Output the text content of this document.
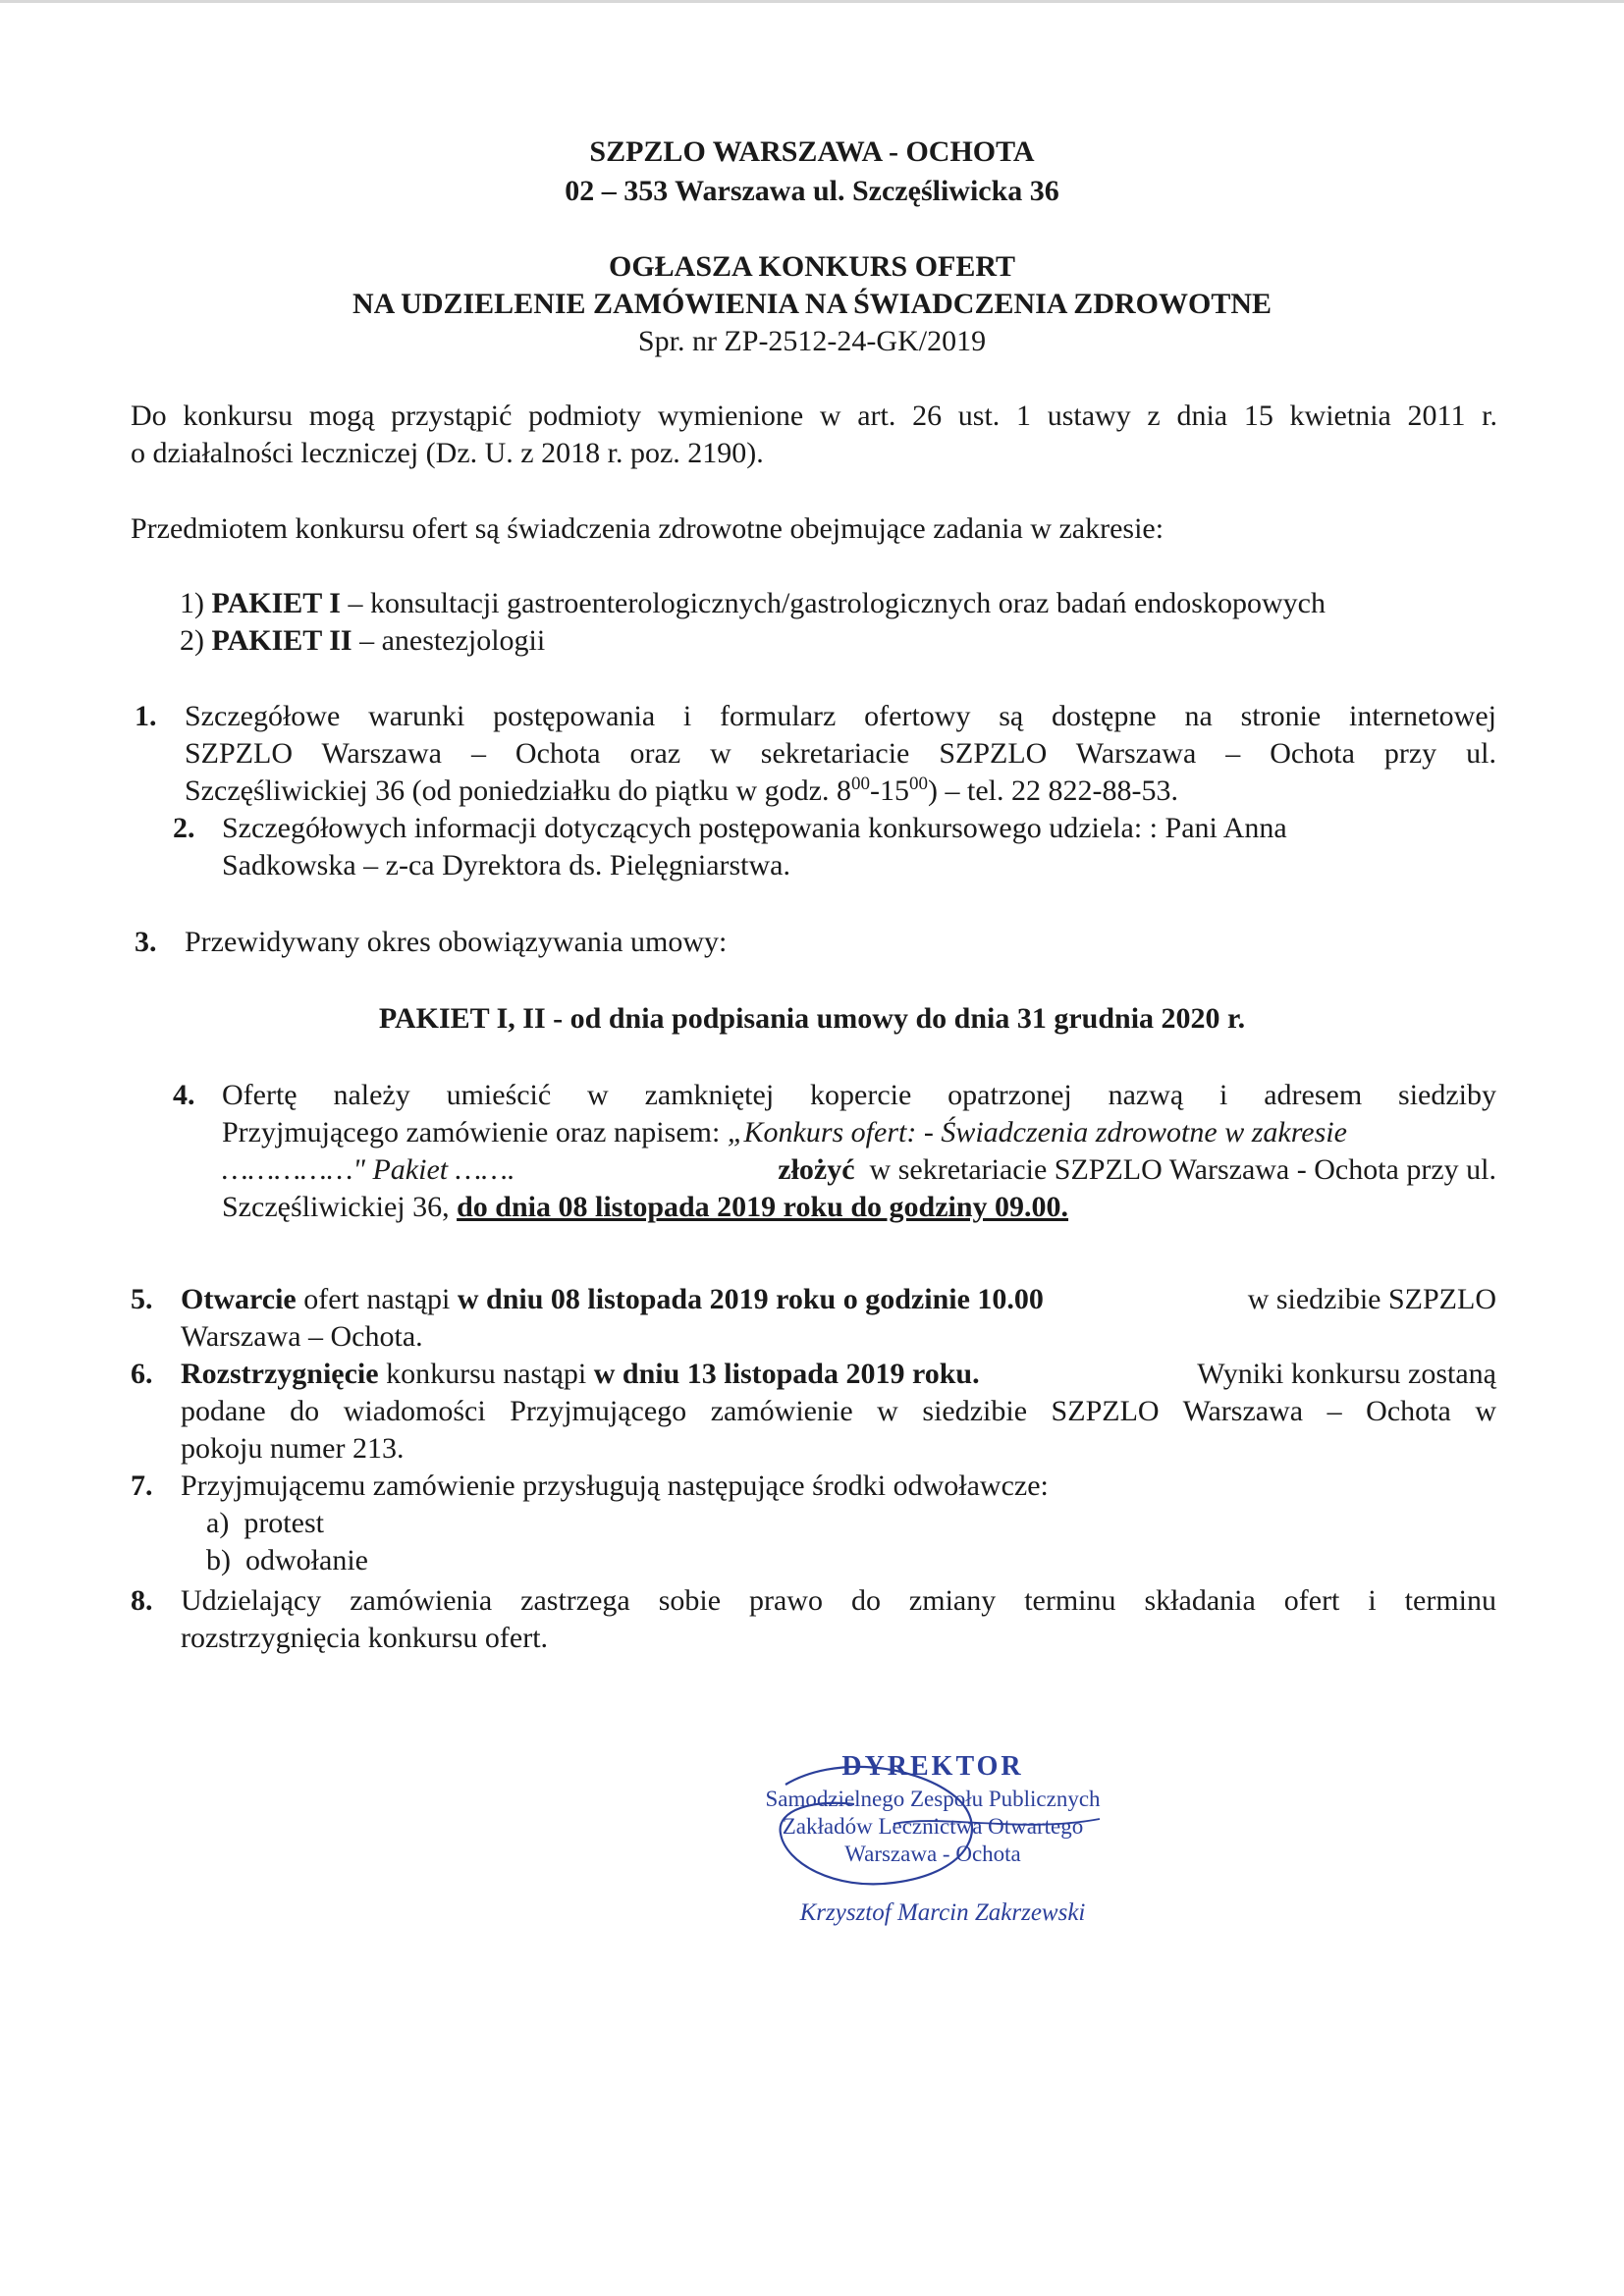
SZPZLO WARSZAWA - OCHOTA
02 – 353 Warszawa ul. Szczęśliwicka 36
OGŁASZA KONKURS OFERT
NA UDZIELENIE ZAMÓWIENIA NA ŚWIADCZENIA ZDROWOTNE
Spr. nr ZP-2512-24-GK/2019
Do konkursu mogą przystąpić podmioty wymienione w art. 26 ust. 1 ustawy z dnia 15 kwietnia 2011 r.
o działalności leczniczej (Dz. U. z 2018 r. poz. 2190).
Przedmiotem konkursu ofert są świadczenia zdrowotne obejmujące zadania w zakresie:
1) PAKIET I – konsultacji gastroenterologicznych/gastrologicznych oraz badań endoskopowych
2) PAKIET II – anestezjologii
1. Szczegółowe warunki postępowania i formularz ofertowy są dostępne na stronie internetowej
SZPZLO Warszawa – Ochota oraz w sekretariacie SZPZLO Warszawa – Ochota przy ul.
Szczęśliwickiej 36 (od poniedziałku do piątku w godz. $8^{00}-15^{00}$) – tel. 22 822-88-53.
2. Szczegółowych informacji dotyczących postępowania konkursowego udziela: : Pani Anna
Sadkowska – z-ca Dyrektora ds. Pielęgniarstwa.
3. Przewidywany okres obowiązywania umowy:
PAKIET I, II - od dnia podpisania umowy do dnia 31 grudnia 2020 r.
4. Ofertę należy umieścić w zamkniętej kopercie opatrzonej nazwą i adresem siedziby
Przyjmującego zamówienie oraz napisem: „Konkurs ofert: - Świadczenia zdrowotne w zakresie
……………" Pakiet …….	złożyć w sekretariacie SZPZLO Warszawa - Ochota przy ul.
Szczęśliwickiej 36, do dnia 08 listopada 2019 roku do godziny 09.00.
5. Otwarcie ofert nastąpi w dniu 08 listopada 2019 roku o godzinie 10.00	w siedzibie SZPZLO
Warszawa – Ochota.
6. Rozstrzygnięcie konkursu nastąpi w dniu 13 listopada 2019 roku.	Wyniki konkursu zostaną
podane do wiadomości Przyjmującego zamówienie w siedzibie SZPZLO Warszawa – Ochota w
pokoju numer 213.
7. Przyjmującemu zamówienie przysługują następujące środki odwoławcze:
a) protest
b) odwołanie
8. Udzielający zamówienia zastrzega sobie prawo do zmiany terminu składania ofert i terminu
rozstrzygnięcia konkursu ofert.
DYREKTOR
Samodzielnego Zespołu Publicznych
Zakładów Lecznictwa Otwartego
Warszawa - Ochota
Krzysztof Marcin Zakrzewski
